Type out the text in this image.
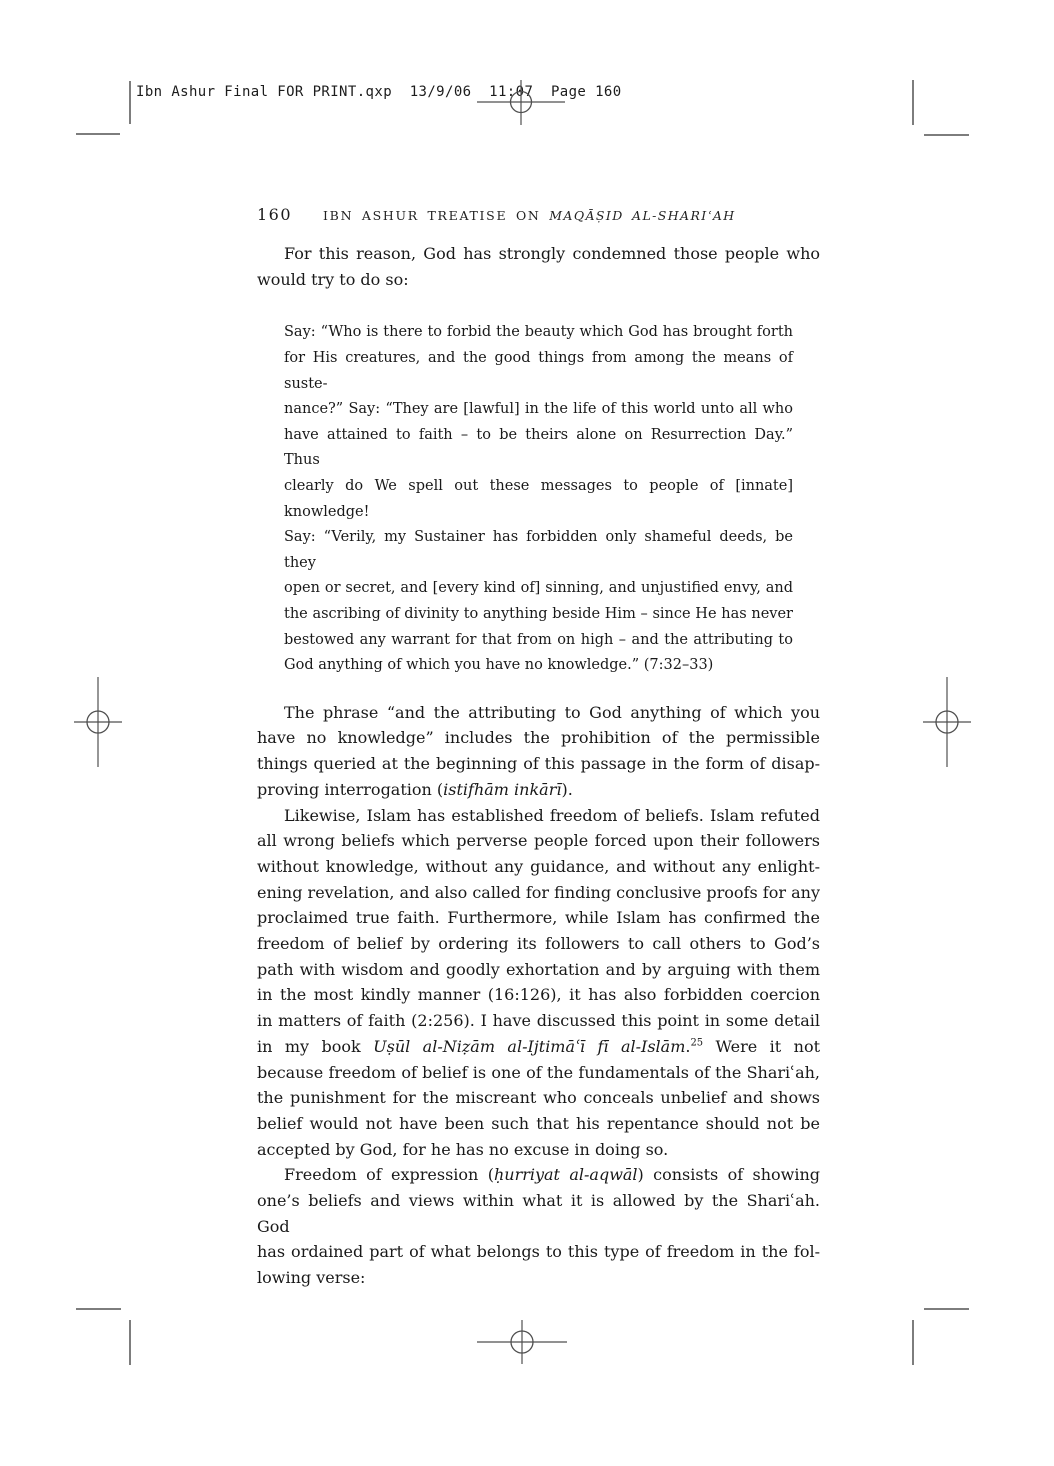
Ibn Ashur Final FOR PRINT.qxp  13/9/06  11:07  Page 160
160 IBN ASHUR TREATISE ON MAQĀṢID AL-SHARIʿAH
For this reason, God has strongly condemned those people who
would try to do so:
Say: “Who is there to forbid the beauty which God has brought forth
for His creatures, and the good things from among the means of suste-
nance?” Say: “They are [lawful] in the life of this world unto all who
have attained to faith – to be theirs alone on Resurrection Day.” Thus
clearly do We spell out these messages to people of [innate] knowledge!
Say: “Verily, my Sustainer has forbidden only shameful deeds, be they
open or secret, and [every kind of] sinning, and unjustified envy, and
the ascribing of divinity to anything beside Him – since He has never
bestowed any warrant for that from on high – and the attributing to
God anything of which you have no knowledge.” (7:32–33)
The phrase “and the attributing to God anything of which you
have no knowledge” includes the prohibition of the permissible
things queried at the beginning of this passage in the form of disap-
proving interrogation (istifhām inkārī).
Likewise, Islam has established freedom of beliefs. Islam refuted
all wrong beliefs which perverse people forced upon their followers
without knowledge, without any guidance, and without any enlight-
ening revelation, and also called for finding conclusive proofs for any
proclaimed true faith. Furthermore, while Islam has confirmed the
freedom of belief by ordering its followers to call others to God’s
path with wisdom and goodly exhortation and by arguing with them
in the most kindly manner (16:126), it has also forbidden coercion
in matters of faith (2:256). I have discussed this point in some detail
in my book Uṣūl al-Niẓām al-Ijtimāʿī fī al-Islām.$^{25}$ Were it not
because freedom of belief is one of the fundamentals of the Shariʿah,
the punishment for the miscreant who conceals unbelief and shows
belief would not have been such that his repentance should not be
accepted by God, for he has no excuse in doing so.
Freedom of expression (ḥurriyat al-aqwāl) consists of showing
one’s beliefs and views within what it is allowed by the Shariʿah. God
has ordained part of what belongs to this type of freedom in the fol-
lowing verse:
